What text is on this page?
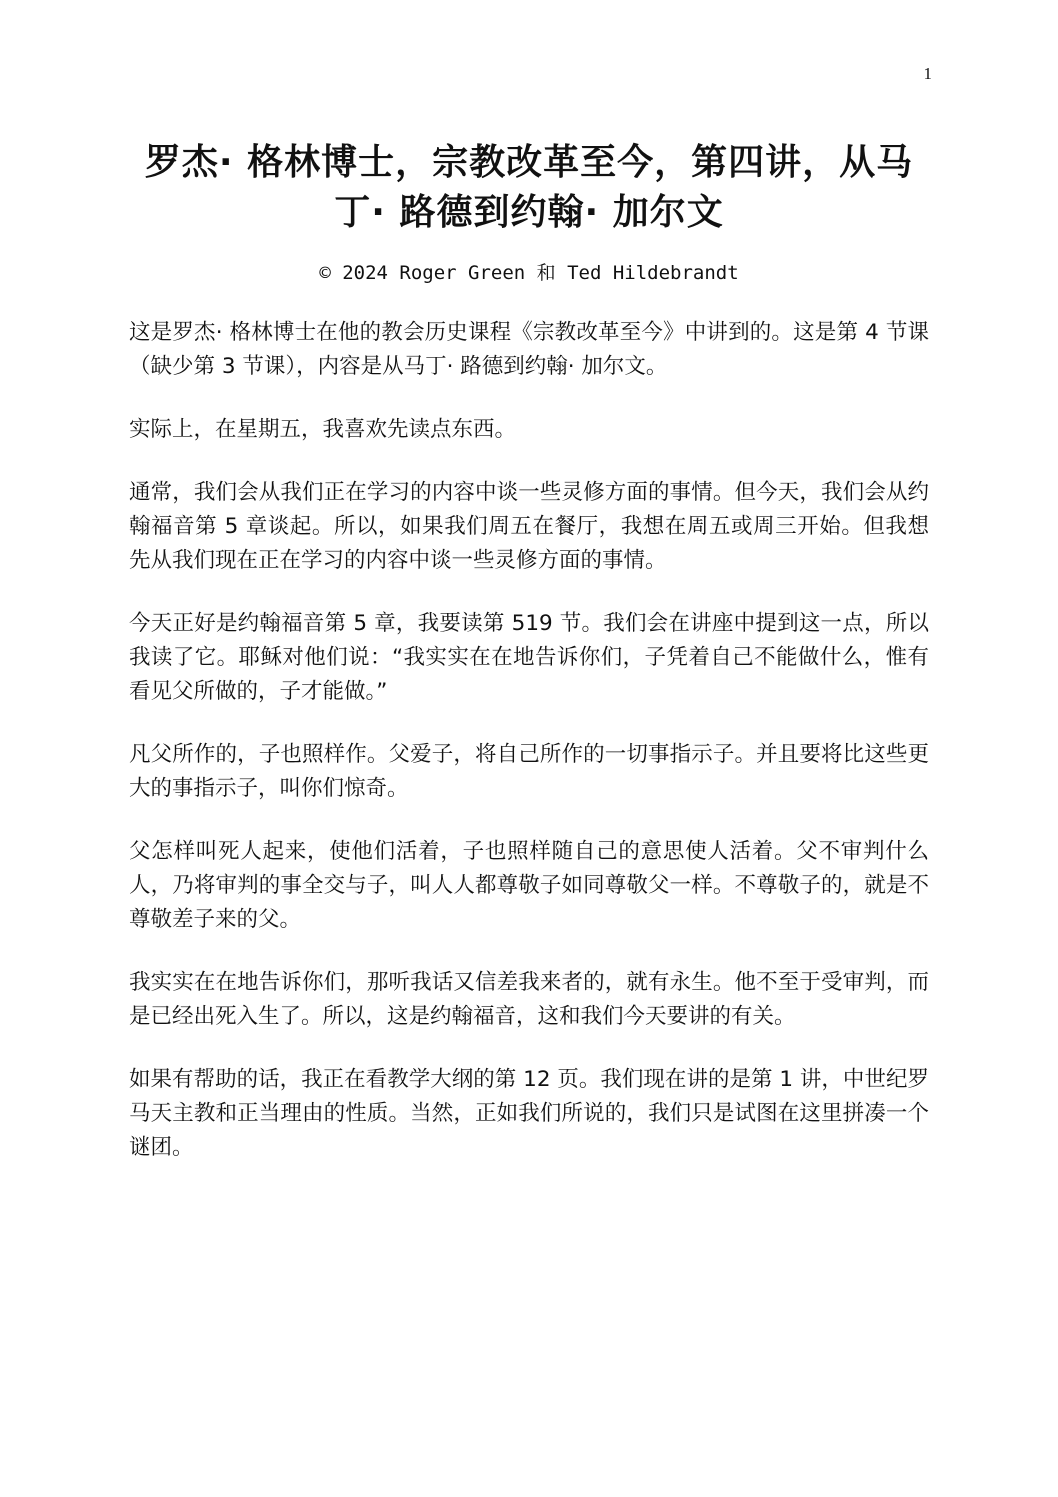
1
罗杰· 格林博士，宗教改革至今，第四讲，从马丁· 路德到约翰· 加尔文
© 2024 Roger Green 和 Ted Hildebrandt

这是罗杰· 格林博士在他的教会历史课程《宗教改革至今》中讲到的。这是第 4 节课（缺少第 3 节课），内容是从马丁· 路德到约翰· 加尔文。

实际上，在星期五，我喜欢先读点东西。

通常，我们会从我们正在学习的内容中谈一些灵修方面的事情。但今天，我们会从约翰福音第 5 章谈起。所以，如果我们周五在餐厅，我想在周五或周三开始。但我想先从我们现在正在学习的内容中谈一些灵修方面的事情。

今天正好是约翰福音第 5 章，我要读第 519 节。我们会在讲座中提到这一点，所以我读了它。耶稣对他们说：“我实实在在地告诉你们，子凭着自己不能做什么，惟有看见父所做的，子才能做。”

凡父所作的，子也照样作。父爱子，将自己所作的一切事指示子。并且要将比这些更大的事指示子，叫你们惊奇。

父怎样叫死人起来，使他们活着，子也照样随自己的意思使人活着。父不审判什么人，乃将审判的事全交与子，叫人人都尊敬子如同尊敬父一样。不尊敬子的，就是不尊敬差子来的父。

我实实在在地告诉你们，那听我话又信差我来者的，就有永生。他不至于受审判，而是已经出死入生了。所以，这是约翰福音，这和我们今天要讲的有关。

如果有帮助的话，我正在看教学大纲的第 12 页。我们现在讲的是第 1 讲，中世纪罗马天主教和正当理由的性质。当然，正如我们所说的，我们只是试图在这里拼凑一个谜团。
